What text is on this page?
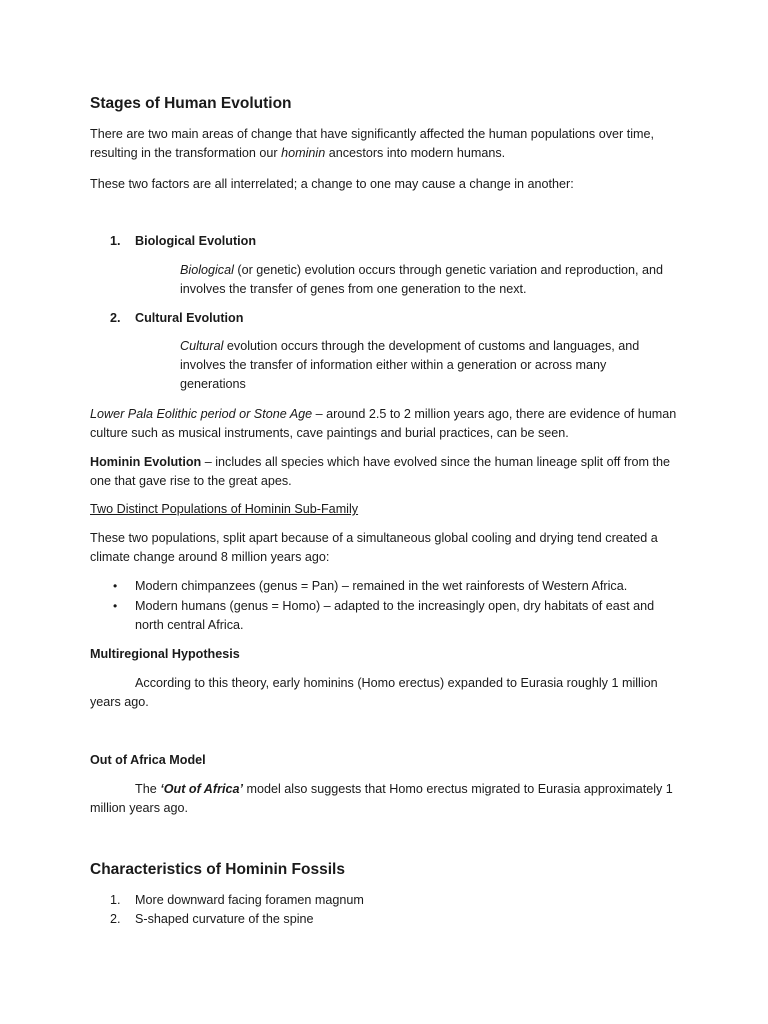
Stages of Human Evolution
There are two main areas of change that have significantly affected the human populations over time,
resulting in the transformation our hominin ancestors into modern humans.
These two factors are all interrelated; a change to one may cause a change in another:
1. Biological Evolution
Biological (or genetic) evolution occurs through genetic variation and reproduction, and
involves the transfer of genes from one generation to the next.
2. Cultural Evolution
Cultural evolution occurs through the development of customs and languages, and
involves the transfer of information either within a generation or across many
generations
Lower Pala Eolithic period or Stone Age – around 2.5 to 2 million years ago, there are evidence of human
culture such as musical instruments, cave paintings and burial practices, can be seen.
Hominin Evolution – includes all species which have evolved since the human lineage split off from the
one that gave rise to the great apes.
Two Distinct Populations of Hominin Sub-Family
These two populations, split apart because of a simultaneous global cooling and drying tend created a
climate change around 8 million years ago:
• Modern chimpanzees (genus = Pan) – remained in the wet rainforests of Western Africa.
• Modern humans (genus = Homo) – adapted to the increasingly open, dry habitats of east and
north central Africa.
Multiregional Hypothesis
According to this theory, early hominins (Homo erectus) expanded to Eurasia roughly 1 million
years ago.
Out of Africa Model
The ‘Out of Africa’ model also suggests that Homo erectus migrated to Eurasia approximately 1
million years ago.
Characteristics of Hominin Fossils
1. More downward facing foramen magnum
2. S-shaped curvature of the spine
